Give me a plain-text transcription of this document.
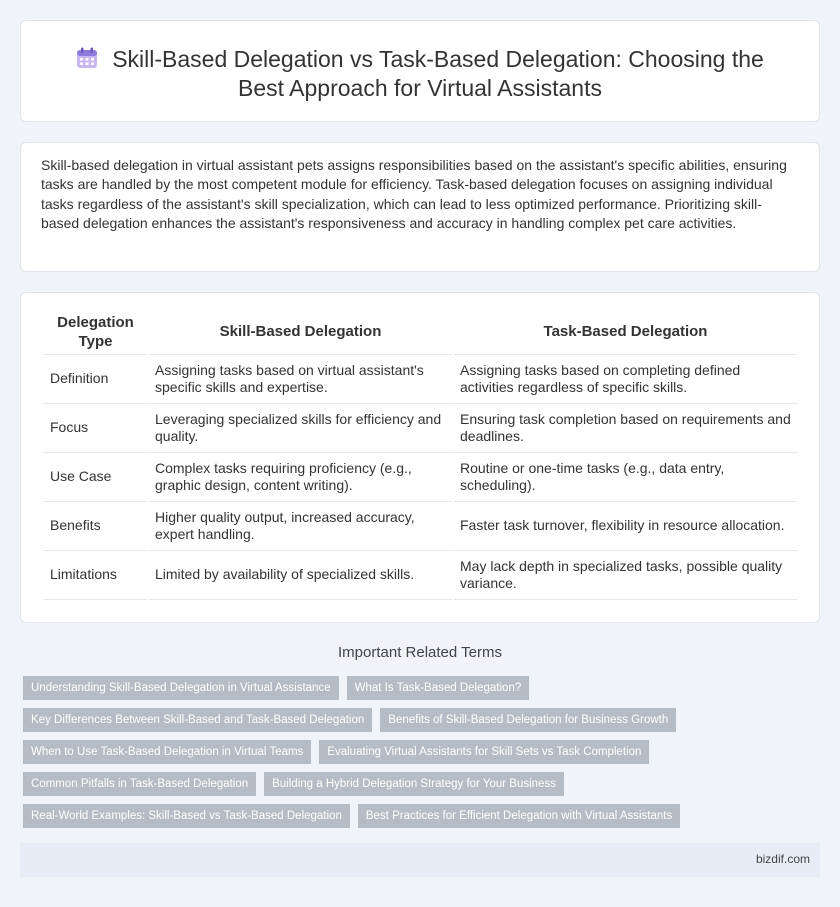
Skill-Based Delegation vs Task-Based Delegation: Choosing the
Best Approach for Virtual Assistants

Skill-based delegation in virtual assistant pets assigns responsibilities based on the assistant's specific abilities, ensuring tasks are handled by the most competent module for efficiency. Task-based delegation focuses on assigning individual tasks regardless of the assistant's skill specialization, which can lead to less optimized performance. Prioritizing skill-based delegation enhances the assistant's responsiveness and accuracy in handling complex pet care activities.

Delegation Type	Skill-Based Delegation	Task-Based Delegation
Definition	Assigning tasks based on virtual assistant's specific skills and expertise.	Assigning tasks based on completing defined activities regardless of specific skills.
Focus	Leveraging specialized skills for efficiency and quality.	Ensuring task completion based on requirements and deadlines.
Use Case	Complex tasks requiring proficiency (e.g., graphic design, content writing).	Routine or one-time tasks (e.g., data entry, scheduling).
Benefits	Higher quality output, increased accuracy, expert handling.	Faster task turnover, flexibility in resource allocation.
Limitations	Limited by availability of specialized skills.	May lack depth in specialized tasks, possible quality variance.
Important Related Terms
Understanding Skill-Based Delegation in Virtual Assistance	What Is Task-Based Delegation?
Key Differences Between Skill-Based and Task-Based Delegation	Benefits of Skill-Based Delegation for Business Growth
When to Use Task-Based Delegation in Virtual Teams	Evaluating Virtual Assistants for Skill Sets vs Task Completion
Common Pitfalls in Task-Based Delegation	Building a Hybrid Delegation Strategy for Your Business
Real-World Examples: Skill-Based vs Task-Based Delegation	Best Practices for Efficient Delegation with Virtual Assistants
bizdif.com
